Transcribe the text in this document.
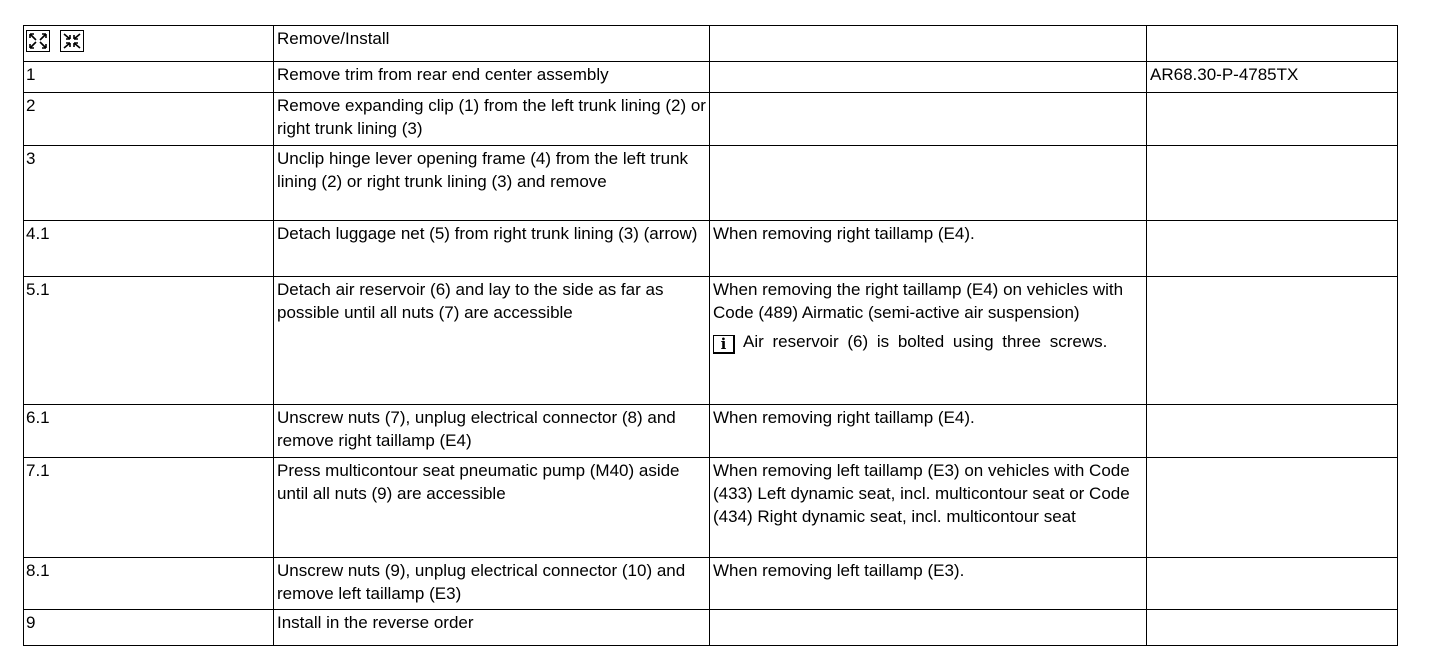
	Remove/Install		
1	Remove trim from rear end center assembly		AR68.30-P-4785TX
2	Remove expanding clip (1) from the left trunk lining (2) or right trunk lining (3)		
3	Unclip hinge lever opening frame (4) from the left trunk lining (2) or right trunk lining (3) and remove		
4.1	Detach luggage net (5) from right trunk lining (3) (arrow)	When removing right taillamp (E4).	
5.1	Detach air reservoir (6) and lay to the side as far as possible until all nuts (7) are accessible	When removing the right taillamp (E4) on vehicles with Code (489) Airmatic (semi-active air suspension)
i Air reservoir (6) is bolted using three screws.	

6.1	Unscrew nuts (7), unplug electrical connector (8) and remove right taillamp (E4)	When removing right taillamp (E4).	
7.1	Press multicontour seat pneumatic pump (M40) aside until all nuts (9) are accessible	When removing left taillamp (E3) on vehicles with Code (433) Left dynamic seat, incl. multicontour seat or Code (434) Right dynamic seat, incl. multicontour seat	
8.1	Unscrew nuts (9), unplug electrical connector (10) and remove left taillamp (E3)	When removing left taillamp (E3).	
9	Install in the reverse order		
